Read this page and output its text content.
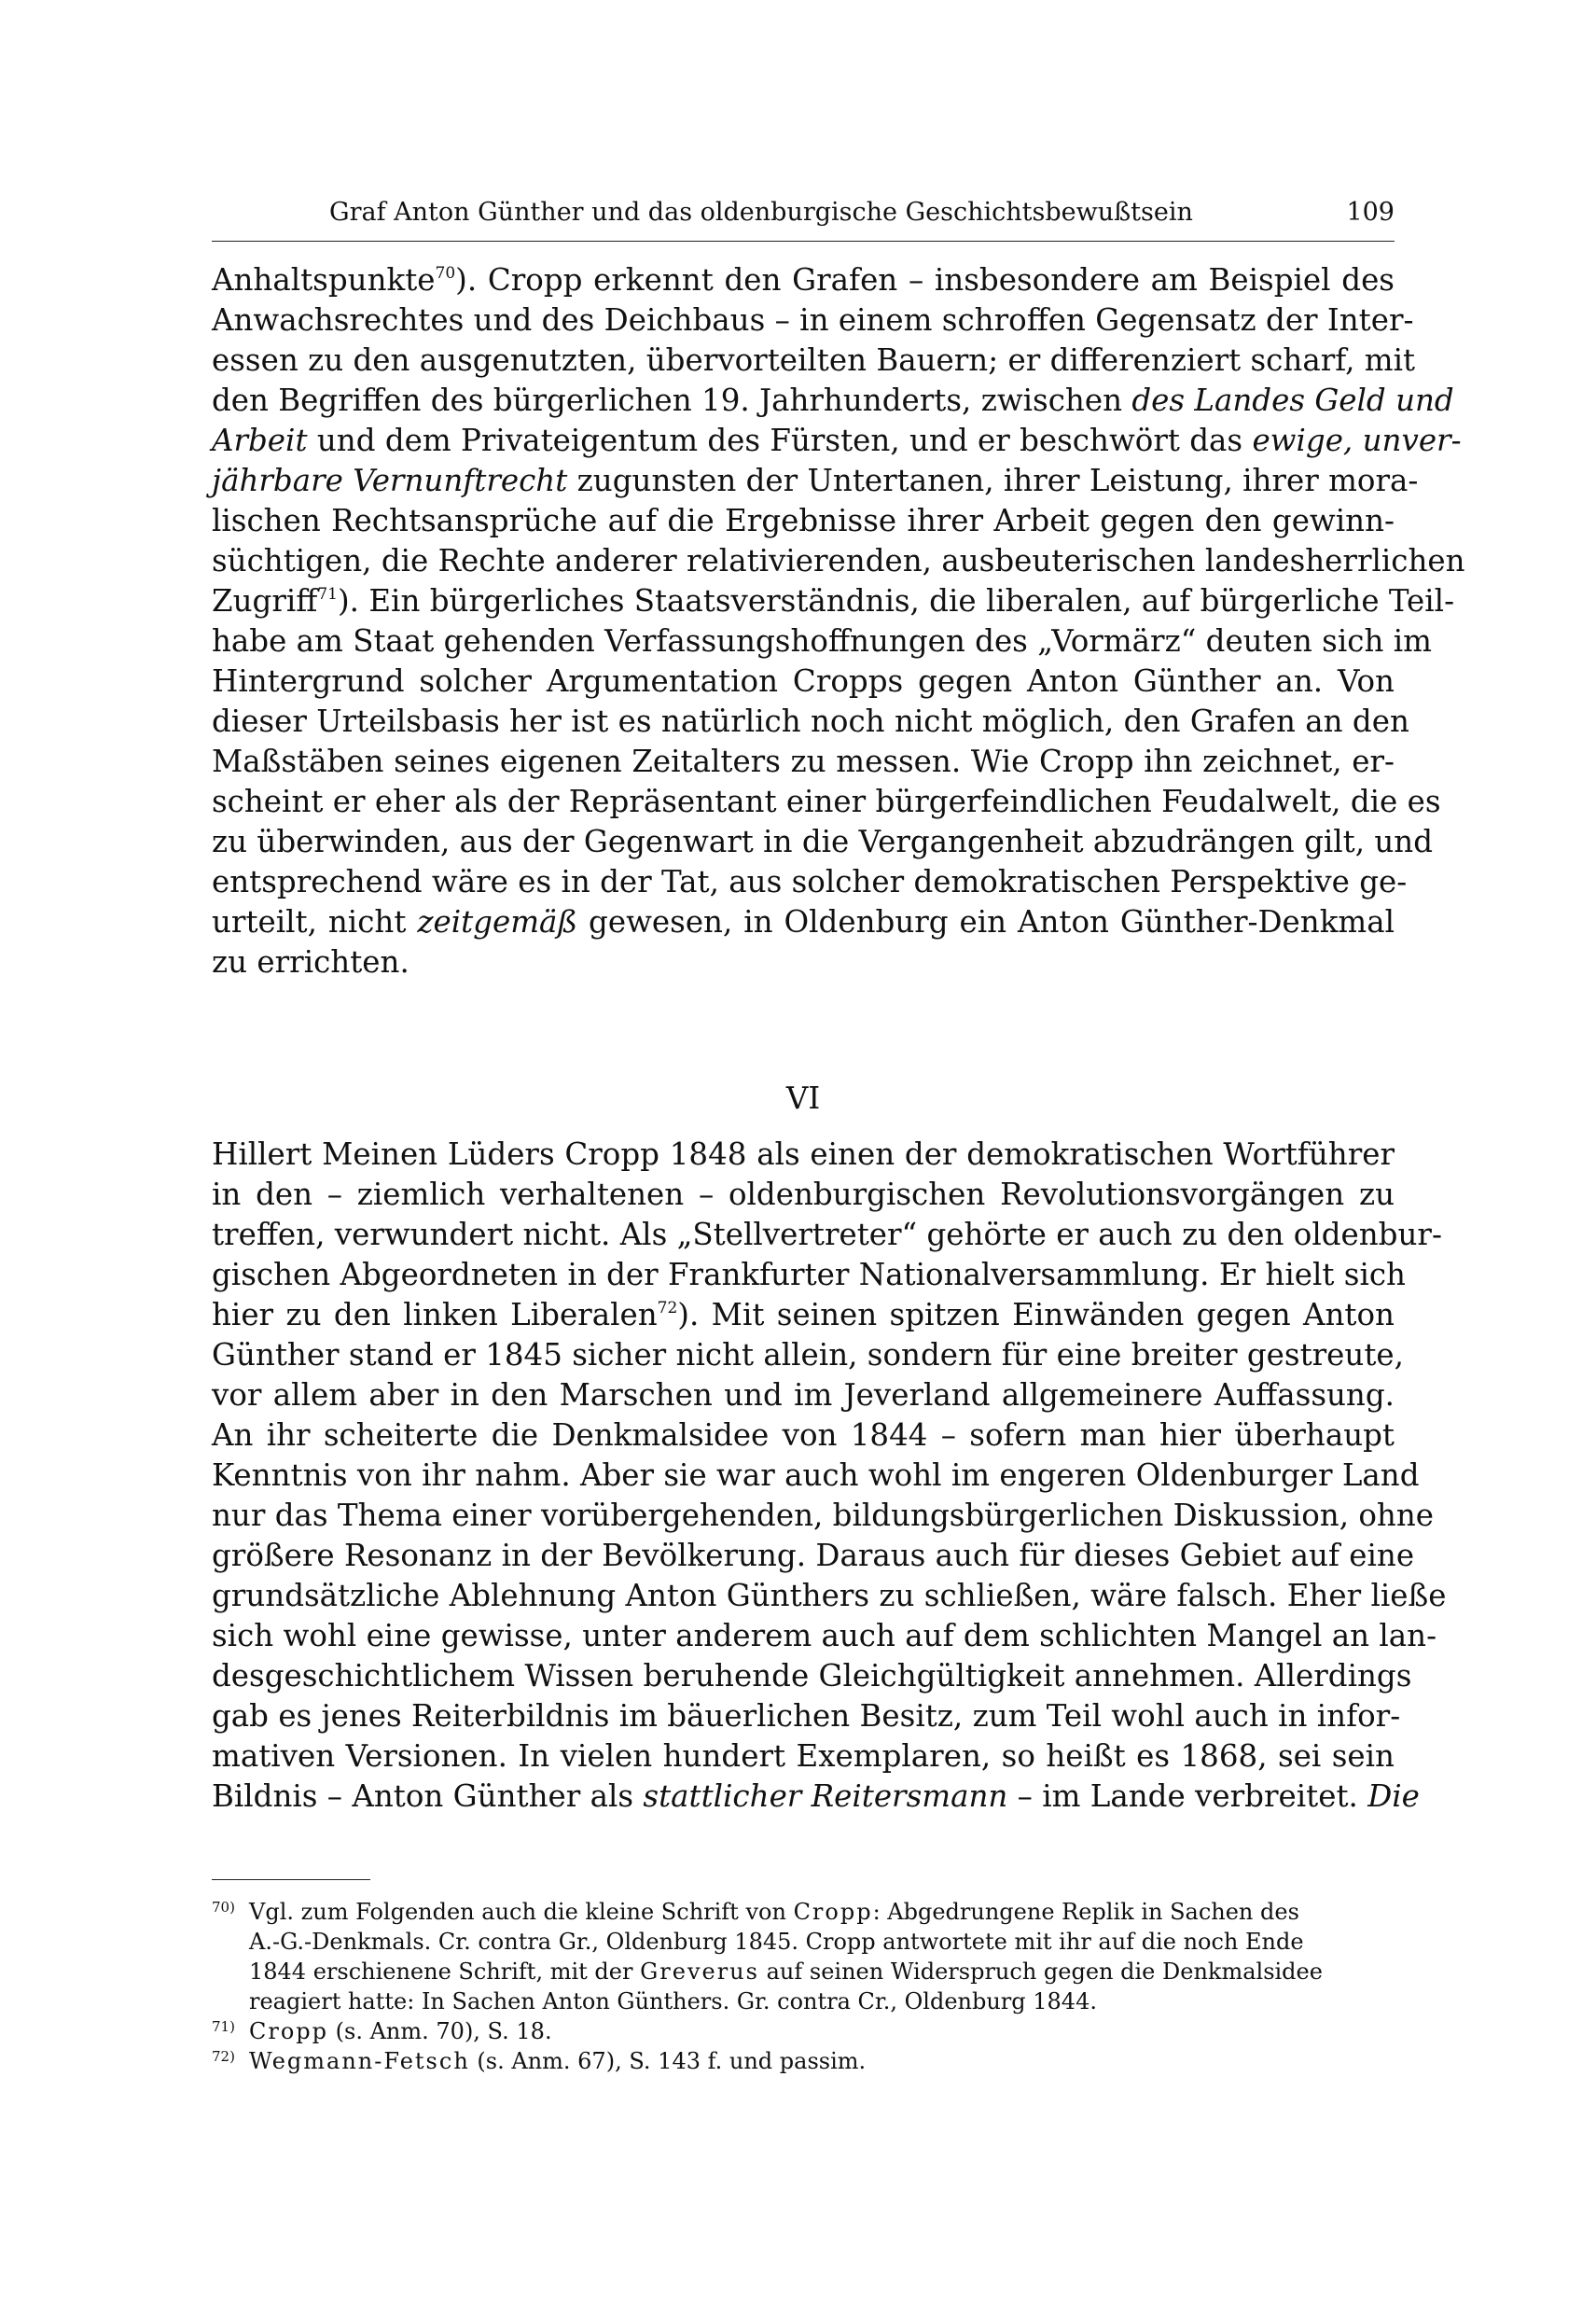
Graf Anton Günther und das oldenburgische Geschichtsbewußtsein	109
Anhaltspunkte$^{70}$). Cropp erkennt den Grafen – insbesondere am Beispiel des
Anwachsrechtes und des Deichbaus – in einem schroffen Gegensatz der Inter-
essen zu den ausgenutzten, übervorteilten Bauern; er differenziert scharf, mit
den Begriffen des bürgerlichen 19. Jahrhunderts, zwischen des Landes Geld und
Arbeit und dem Privateigentum des Fürsten, und er beschwört das ewige, unver-
jährbare Vernunftrecht zugunsten der Untertanen, ihrer Leistung, ihrer mora-
lischen Rechtsansprüche auf die Ergebnisse ihrer Arbeit gegen den gewinn-
süchtigen, die Rechte anderer relativierenden, ausbeuterischen landesherrlichen
Zugriff$^{71}$). Ein bürgerliches Staatsverständnis, die liberalen, auf bürgerliche Teil-
habe am Staat gehenden Verfassungshoffnungen des „Vormärz“ deuten sich im
Hintergrund solcher Argumentation Cropps gegen Anton Günther an. Von
dieser Urteilsbasis her ist es natürlich noch nicht möglich, den Grafen an den
Maßstäben seines eigenen Zeitalters zu messen. Wie Cropp ihn zeichnet, er-
scheint er eher als der Repräsentant einer bürgerfeindlichen Feudalwelt, die es
zu überwinden, aus der Gegenwart in die Vergangenheit abzudrängen gilt, und
entsprechend wäre es in der Tat, aus solcher demokratischen Perspektive ge-
urteilt, nicht zeitgemäß gewesen, in Oldenburg ein Anton Günther-Denkmal
zu errichten.
VI
Hillert Meinen Lüders Cropp 1848 als einen der demokratischen Wortführer
in den – ziemlich verhaltenen – oldenburgischen Revolutionsvorgängen zu
treffen, verwundert nicht. Als „Stellvertreter“ gehörte er auch zu den oldenbur-
gischen Abgeordneten in der Frankfurter Nationalversammlung. Er hielt sich
hier zu den linken Liberalen$^{72}$). Mit seinen spitzen Einwänden gegen Anton
Günther stand er 1845 sicher nicht allein, sondern für eine breiter gestreute,
vor allem aber in den Marschen und im Jeverland allgemeinere Auffassung.
An ihr scheiterte die Denkmalsidee von 1844 – sofern man hier überhaupt
Kenntnis von ihr nahm. Aber sie war auch wohl im engeren Oldenburger Land
nur das Thema einer vorübergehenden, bildungsbürgerlichen Diskussion, ohne
größere Resonanz in der Bevölkerung. Daraus auch für dieses Gebiet auf eine
grundsätzliche Ablehnung Anton Günthers zu schließen, wäre falsch. Eher ließe
sich wohl eine gewisse, unter anderem auch auf dem schlichten Mangel an lan-
desgeschichtlichem Wissen beruhende Gleichgültigkeit annehmen. Allerdings
gab es jenes Reiterbildnis im bäuerlichen Besitz, zum Teil wohl auch in infor-
mativen Versionen. In vielen hundert Exemplaren, so heißt es 1868, sei sein
Bildnis – Anton Günther als stattlicher Reitersmann – im Lande verbreitet. Die
70) Vgl. zum Folgenden auch die kleine Schrift von Cropp: Abgedrungene Replik in Sachen des
A.-G.-Denkmals. Cr. contra Gr., Oldenburg 1845. Cropp antwortete mit ihr auf die noch Ende
1844 erschienene Schrift, mit der Greverus auf seinen Widerspruch gegen die Denkmalsidee
reagiert hatte: In Sachen Anton Günthers. Gr. contra Cr., Oldenburg 1844.
71) Cropp (s. Anm. 70), S. 18.
72) Wegmann-Fetsch (s. Anm. 67), S. 143 f. und passim.
